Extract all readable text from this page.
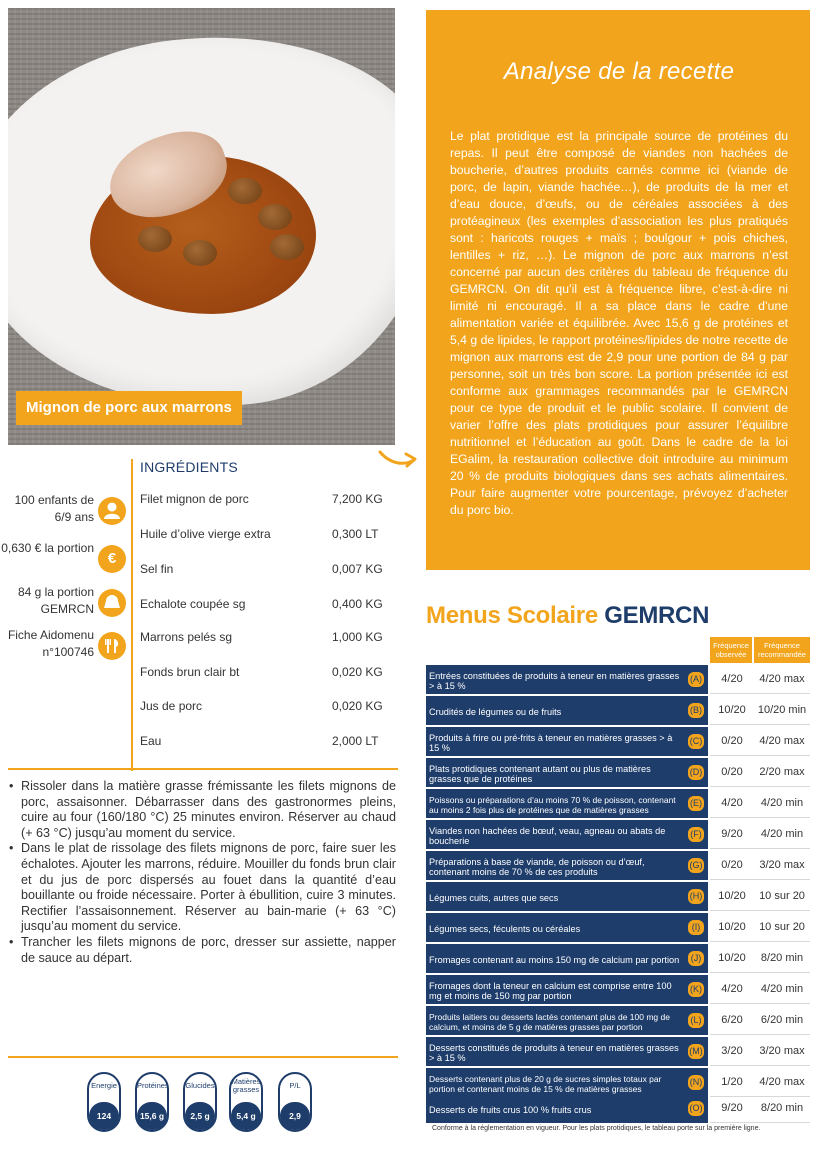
Mignon de porc aux marrons
Analyse de la recette

Le plat protidique est la principale source de protéines du repas. Il peut être composé de viandes non hachées de boucherie, d’autres produits carnés comme ici (viande de porc, de lapin, viande hachée…), de produits de la mer et d’eau douce, d’œufs, ou de céréales associées à des protéagineux (les exemples d’association les plus pratiqués sont : haricots rouges + maïs ; boulgour + pois chiches, lentilles + riz, …). Le mignon de porc aux marrons n’est concerné par aucun des critères du tableau de fréquence du GEMRCN. On dit qu’il est à fréquence libre, c’est-à-dire ni limité ni encouragé. Il a sa place dans le cadre d’une alimentation variée et équilibrée. Avec 15,6 g de protéines et 5,4 g de lipides, le rapport protéines/lipides de notre recette de mignon aux marrons est de 2,9 pour une portion de 84 g par personne, soit un très bon score. La portion présentée ici est conforme aux grammages recommandés par le GEMRCN pour ce type de produit et le public scolaire. Il convient de varier l’offre des plats protidiques pour assurer l’équilibre nutritionnel et l’éducation au goût. Dans le cadre de la loi EGalim, la restauration collective doit introduire au minimum 20 % de produits biologiques dans ses achats alimentaires. Pour faire augmenter votre pourcentage, prévoyez d’acheter du porc bio.

100 enfants de 6/9 ans
0,630 € la portion
€
84 g la portion GEMRCN
Fiche Aidomenu n°100746
INGRÉDIENTS
Filet mignon de porc	7,200 KG
Huile d’olive vierge extra	0,300 LT
Sel fin	0,007 KG
Echalote coupée sg	0,400 KG
Marrons pelés sg	1,000 KG
Fonds brun clair bt	0,020 KG
Jus de porc	0,020 KG
Eau	2,000 LT
• Rissoler dans la matière grasse frémissante les filets mignons de porc, assaisonner. Débarrasser dans des gastronormes pleins, cuire au four (160/180 °C) 25 minutes environ. Réserver au chaud (+ 63 °C) jusqu’au moment du service.
• Dans le plat de rissolage des filets mignons de porc, faire suer les échalotes. Ajouter les marrons, réduire. Mouiller du fonds brun clair et du jus de porc dispersés au fouet dans la quantité d’eau bouillante ou froide nécessaire. Porter à ébullition, cuire 3 minutes. Rectifier l’assaisonnement. Réserver au bain-marie (+ 63 °C) jusqu’au moment du service.
• Trancher les filets mignons de porc, dresser sur assiette, napper de sauce au départ.
Energie
124 kcal
Protéines
15,6 g
Glucides
2,5 g
Matières grasses
5,4 g
P/L
2,9
Menus Scolaire GEMRCN
Fréquence observée
Fréquence recommandée
Entrées constituées de produits à teneur en matières grasses > à 15 %
(A)	4/20	4/20 max
Crudités de légumes ou de fruits	(B)	10/20	10/20 min
Produits à frire ou pré-frits à teneur en matières grasses > à 15 %
(C)	0/20	4/20 max
Plats protidiques contenant autant ou plus de matières grasses que de protéines
(D)	0/20	2/20 max
Poissons ou préparations d’au moins 70 % de poisson, contenant au moins 2 fois plus de protéines que de matières grasses
(E)	4/20	4/20 min
Viandes non hachées de bœuf, veau, agneau ou abats de boucherie
(F)	9/20	4/20 min
Préparations à base de viande, de poisson ou d’œuf, contenant moins de 70 % de ces produits
(G)	0/20	3/20 max
Légumes cuits, autres que secs	(H)	10/20	10 sur 20
Légumes secs, féculents ou céréales	(I)	10/20	10 sur 20
Fromages contenant au moins 150 mg de calcium par portion	(J)	10/20	8/20 min
Fromages dont la teneur en calcium est comprise entre 100 mg et moins de 150 mg par portion
(K)	4/20	4/20 min
Produits laitiers ou desserts lactés contenant plus de 100 mg de calcium, et moins de 5 g de matières grasses par portion
(L)	6/20	6/20 min
Desserts constitués de produits à teneur en matières grasses > à 15 %
(M)	3/20	3/20 max
Desserts contenant plus de 20 g de sucres simples totaux par portion et contenant moins de 15 % de matières grasses
(N)	1/20	4/20 max
Desserts de fruits crus 100 % fruits crus	(O)	9/20	8/20 min
Conforme à la réglementation en vigueur. Pour les plats protidiques, le tableau porte sur la première ligne.
